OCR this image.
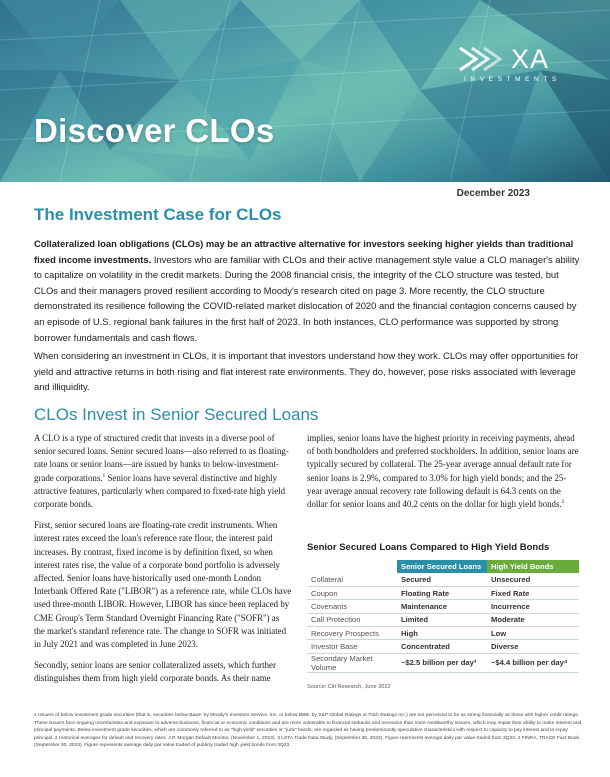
XA
INVESTMENTS
Discover CLOs
December 2023
The Investment Case for CLOs
Collateralized loan obligations (CLOs) may be an attractive alternative for investors seeking higher yields than traditional fixed income investments. Investors who are familiar with CLOs and their active management style value a CLO manager's ability to capitalize on volatility in the credit markets. During the 2008 financial crisis, the integrity of the CLO structure was tested, but CLOs and their managers proved resilient according to Moody's research cited on page 3. More recently, the CLO structure demonstrated its resilience following the COVID-related market dislocation of 2020 and the financial contagion concerns caused by an episode of U.S. regional bank failures in the first half of 2023. In both instances, CLO performance was supported by strong borrower fundamentals and cash flows.
When considering an investment in CLOs, it is important that investors understand how they work. CLOs may offer opportunities for yield and attractive returns in both rising and flat interest rate environments. They do, however, pose risks associated with leverage and illiquidity.
CLOs Invest in Senior Secured Loans

A CLO is a type of structured credit that invests in a diverse pool of senior secured loans. Senior secured loans—also referred to as floating-rate loans or senior loans—are issued by banks to below-investment-grade corporations.$^1$ Senior loans have several distinctive and highly attractive features, particularly when compared to fixed-rate high yield corporate bonds.

First, senior secured loans are floating-rate credit instruments. When interest rates exceed the loan's reference rate floor, the interest paid increases. By contrast, fixed income is by definition fixed, so when interest rates rise, the value of a corporate bond portfolio is adversely affected. Senior loans have historically used one-month London Interbank Offered Rate ("LIBOR") as a reference rate, while CLOs have used three-month LIBOR. However, LIBOR has since been replaced by CME Group's Term Standard Overnight Financing Rate ("SOFR") as the market's standard reference rate. The change to SOFR was initiated in July 2021 and was completed in June 2023.

Secondly, senior loans are senior collateralized assets, which further distinguishes them from high yield corporate bonds. As their name

implies, senior loans have the highest priority in receiving payments, ahead of both bondholders and preferred stockholders. In addition, senior loans are typically secured by collateral. The 25-year average annual default rate for senior loans is 2.9%, compared to 3.0% for high yield bonds; and the 25-year average annual recovery rate following default is 64.3 cents on the dollar for senior loans and 40.2 cents on the dollar for high yield bonds.$^2$

Senior Secured Loans Compared to High Yield Bonds
	Senior Secured Loans	High Yield Bonds
Collateral	Secured	Unsecured
Coupon	Floating Rate	Fixed Rate
Covenants	Maintenance	Incurrence
Call Protection	Limited	Moderate
Recovery Prospects	High	Low
Investor Base	Concentrated	Diverse
Secondary Market Volume	~$2.5 billion per day³	~$4.4 billion per day⁴
Source: Citi Research, June 2022
1 Issuers of below investment grade securities (that is, securities below Baa3- by Moody's Investors Service, Inc. or below BBB- by S&P Global Ratings or Fitch Ratings Inc.) are not perceived to be as strong financially as those with higher credit ratings. These issuers face ongoing uncertainties and exposure to adverse business, financial or economic conditions and are more vulnerable to financial setbacks and recession than more creditworthy issuers, which may impair their ability to make interest and principal payments. Below investment grade securities, which are commonly referred to as "high-yield" securities or "junk" bonds, are regarded as having predominantly speculative characteristics with respect to capacity to pay interest and to repay principal. 2 Historical averages for default and recovery rates. J.P. Morgan Default Monitor, (November 1, 2023). 3 LSTA Trade Data Study, (September 30, 2023). Figure represents average daily par value traded from 3Q23. 4 FINRA, TRACE Fact Book, (September 30, 2023). Figure represents average daily par value traded of publicly traded high yield bonds from 3Q23.
